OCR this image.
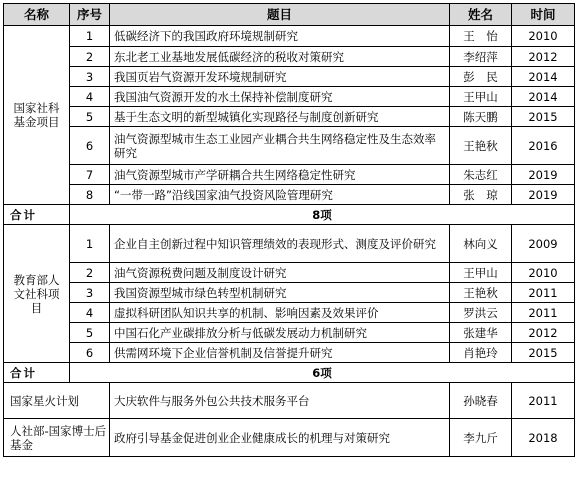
名称	序号	题目	姓名	时间
国家社科基金项目	1	低碳经济下的我国政府环境规制研究	王　怡	2010
	2	东北老工业基地发展低碳经济的税收对策研究	李绍萍	2012
	3	我国页岩气资源开发环境规制研究	彭　民	2014
	4	我国油气资源开发的水土保持补偿制度研究	王甲山	2014
	5	基于生态文明的新型城镇化实现路径与制度创新研究	陈天鹏	2015
	6	油气资源型城市生态工业园产业耦合共生网络稳定性及生态效率研究	王艳秋	2016
	7	油气资源型城市产学研耦合共生网络稳定性研究	朱志红	2019
	8	“一带一路”沿线国家油气投资风险管理研究	张　琼	2019
合计	8项			
教育部人文社科项目	1	企业自主创新过程中知识管理绩效的表现形式、测度及评价研究	林向义	2009
	2	油气资源税费问题及制度设计研究	王甲山	2010
	3	我国资源型城市绿色转型机制研究	王艳秋	2011
	4	虚拟科研团队知识共享的机制、影响因素及效果评价	罗洪云	2011
	5	中国石化产业碳排放分析与低碳发展动力机制研究	张建华	2012
	6	供需网环境下企业信誉机制及信誉提升研究	肖艳玲	2015
合计	6项			
国家星火计划		大庆软件与服务外包公共技术服务平台	孙晓春	2011
人社部-国家博士后基金		政府引导基金促进创业企业健康成长的机理与对策研究	李九斤	2018
